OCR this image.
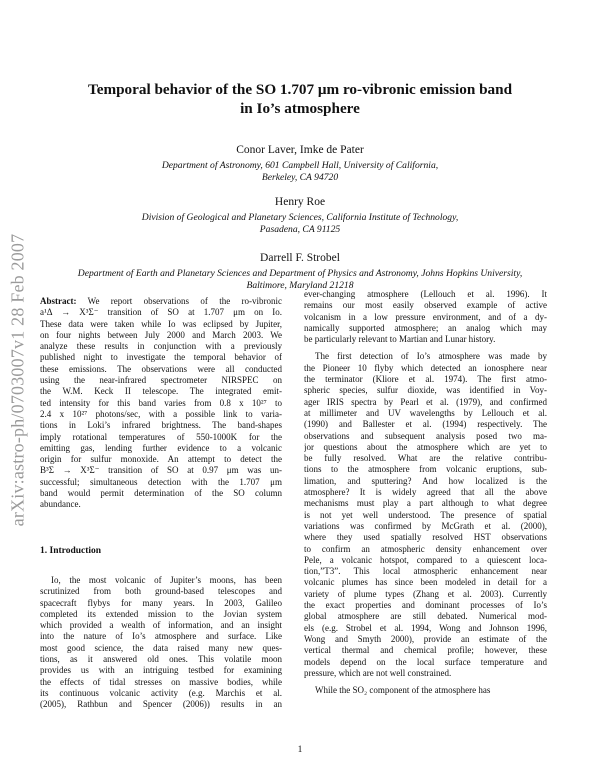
arXiv:astro-ph/0703007v1 28 Feb 2007
Temporal behavior of the SO 1.707 μm ro-vibronic emission band
in Io’s atmosphere
Conor Laver, Imke de Pater
Department of Astronomy, 601 Campbell Hall, University of California,
Berkeley, CA 94720
Henry Roe
Division of Geological and Planetary Sciences, California Institute of Technology,
Pasadena, CA 91125
Darrell F. Strobel
Department of Earth and Planetary Sciences and Department of Physics and Astronomy, Johns Hopkins University,
Baltimore, Maryland 21218
Abstract: We report observations of the ro-vibronic
a¹Δ → X³Σ⁻ transition of SO at 1.707 μm on Io.
These data were taken while Io was eclipsed by Jupiter,
on four nights between July 2000 and March 2003. We
analyze these results in conjunction with a previously
published night to investigate the temporal behavior of
these emissions. The observations were all conducted
using the near-infrared spectrometer NIRSPEC on
the W.M. Keck II telescope. The integrated emit-
ted intensity for this band varies from 0.8 x 10²⁷ to
2.4 x 10²⁷ photons/sec, with a possible link to varia-
tions in Loki’s infrared brightness. The band-shapes
imply rotational temperatures of 550-1000K for the
emitting gas, lending further evidence to a volcanic
origin for sulfur monoxide. An attempt to detect the
B³Σ → X³Σ⁻ transition of SO at 0.97 μm was un-
successful; simultaneous detection with the 1.707 μm
band would permit determination of the SO column
abundance.
1. Introduction
Io, the most volcanic of Jupiter’s moons, has been
scrutinized from both ground-based telescopes and
spacecraft flybys for many years. In 2003, Galileo
completed its extended mission to the Jovian system
which provided a wealth of information, and an insight
into the nature of Io’s atmosphere and surface. Like
most good science, the data raised many new ques-
tions, as it answered old ones. This volatile moon
provides us with an intriguing testbed for examining
the effects of tidal stresses on massive bodies, while
its continuous volcanic activity (e.g. Marchis et al.
(2005), Rathbun and Spencer (2006)) results in an
ever-changing atmosphere (Lellouch et al. 1996). It
remains our most easily observed example of active
volcanism in a low pressure environment, and of a dy-
namically supported atmosphere; an analog which may
be particularly relevant to Martian and Lunar history.
The first detection of Io’s atmosphere was made by
the Pioneer 10 flyby which detected an ionosphere near
the terminator (Kliore et al. 1974). The first atmo-
spheric species, sulfur dioxide, was identified in Voy-
ager IRIS spectra by Pearl et al. (1979), and confirmed
at millimeter and UV wavelengths by Lellouch et al.
(1990) and Ballester et al. (1994) respectively. The
observations and subsequent analysis posed two ma-
jor questions about the atmosphere which are yet to
be fully resolved. What are the relative contribu-
tions to the atmosphere from volcanic eruptions, sub-
limation, and sputtering? And how localized is the
atmosphere? It is widely agreed that all the above
mechanisms must play a part although to what degree
is not yet well understood. The presence of spatial
variations was confirmed by McGrath et al. (2000),
where they used spatially resolved HST observations
to confirm an atmospheric density enhancement over
Pele, a volcanic hotspot, compared to a quiescent loca-
tion,”T3”. This local atmospheric enhancement near
volcanic plumes has since been modeled in detail for a
variety of plume types (Zhang et al. 2003). Currently
the exact properties and dominant processes of Io’s
global atmosphere are still debated. Numerical mod-
els (e.g. Strobel et al. 1994, Wong and Johnson 1996,
Wong and Smyth 2000), provide an estimate of the
vertical thermal and chemical profile; however, these
models depend on the local surface temperature and
pressure, which are not well constrained.
While the SO₂ component of the atmosphere has
1
